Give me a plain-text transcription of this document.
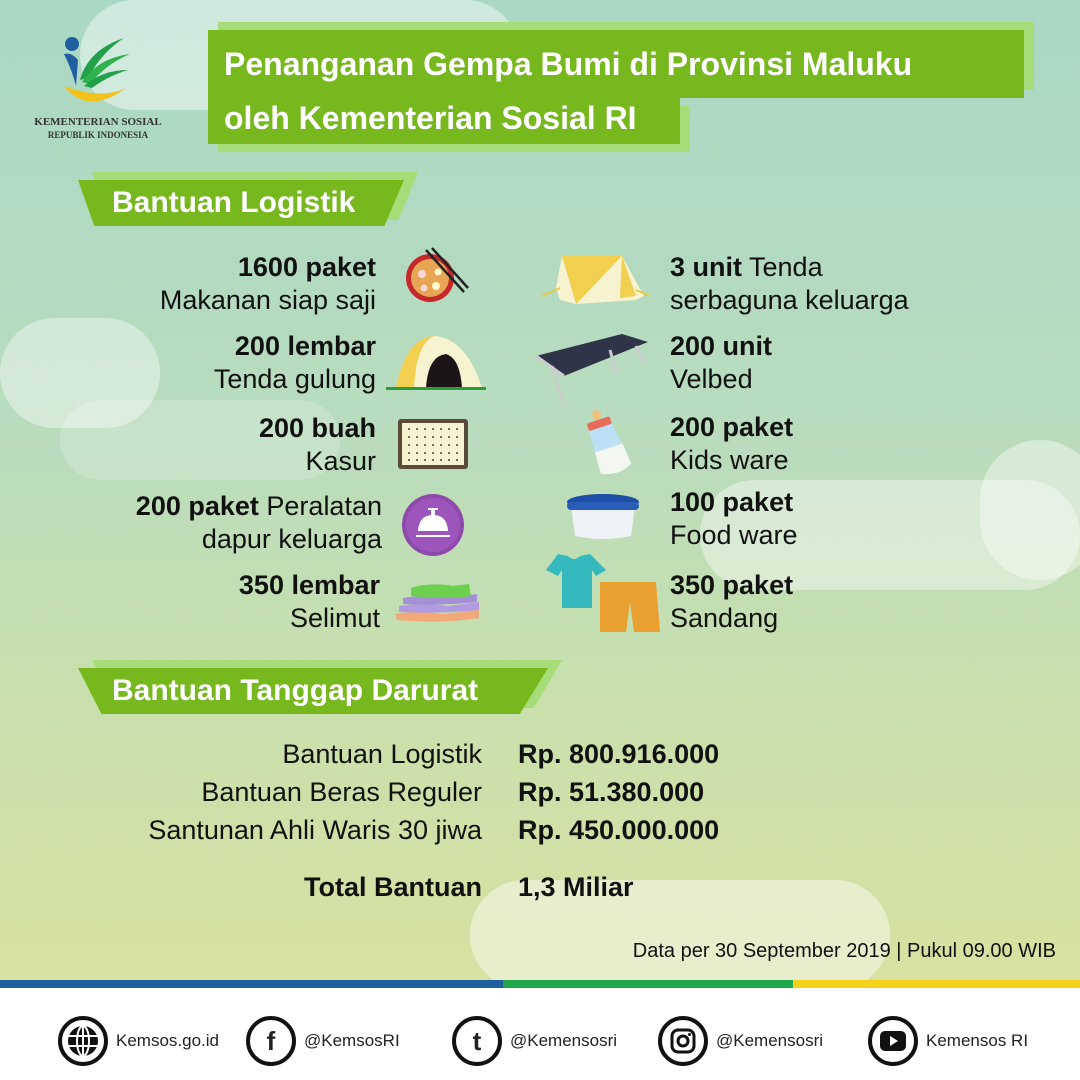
KEMENTERIAN SOSIAL
REPUBLIK INDONESIA
Penanganan Gempa Bumi di Provinsi Maluku
oleh Kementerian Sosial RI
Bantuan Logistik
1600 paket
Makanan siap saji
200 lembar
Tenda gulung
200 buah
Kasur
200 paket Peralatan
dapur keluarga
350 lembar
Selimut
3 unit Tenda
serbaguna keluarga
200 unit
Velbed
200 paket
Kids ware
100 paket
Food ware
350 paket
Sandang
Bantuan Tanggap Darurat
Bantuan Logistik Rp. 800.916.000
Bantuan Beras Reguler Rp. 51.380.000
Santunan Ahli Waris 30 jiwa Rp. 450.000.000
Total Bantuan 1,3 Miliar
Data per 30 September 2019 | Pukul 09.00 WIB
Kemsos.go.id	f	@KemsosRI	t	@Kemensosri	@Kemensosri	Kemensos RI
